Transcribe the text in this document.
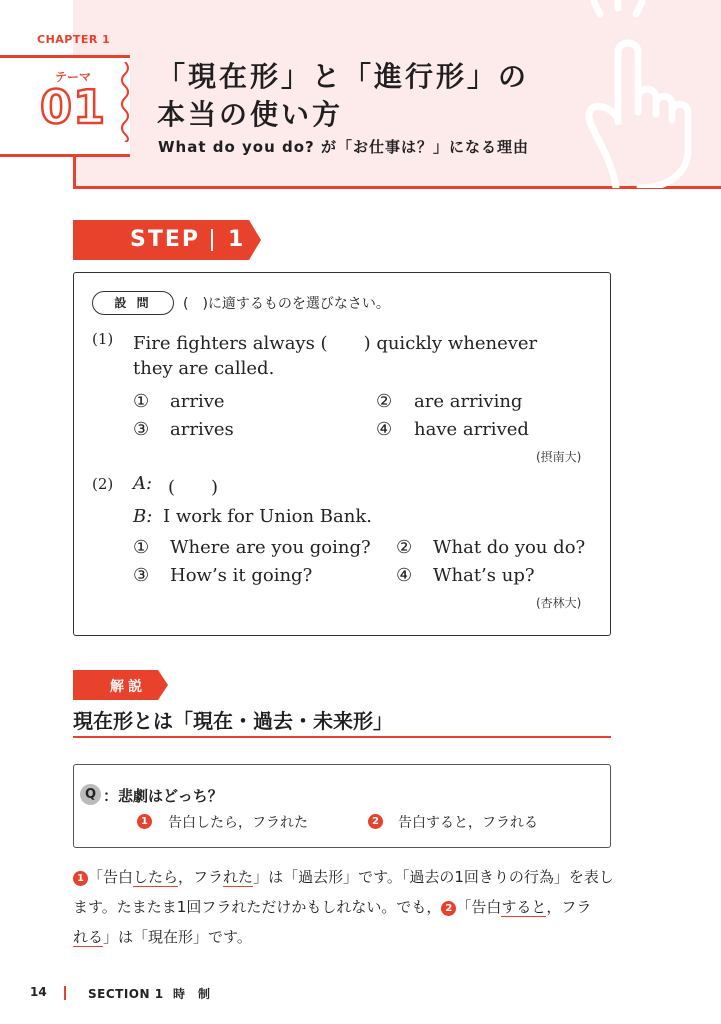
CHAPTER 1
テーマ
01
「現在形」と「進行形」の
本当の使い方
What do you do? が「お仕事は？」になる理由
STEP 1
設 問	(　)に適するものを選びなさい。
(1) Fire fighters always (　　) quickly whenever
they are called.
① arrive	② are arriving
③ arrives	④ have arrived
(摂南大)
(2) A: (　　)
B: I work for Union Bank.
① Where are you going? ② What do you do?
③ How’s it going?	④ What’s up?
(杏林大)
解説
現在形とは「現在・過去・未来形」
Q ：悲劇はどっち？
1 告白したら，フラれた	2 告白すると，フラれる
1 「告白したら，フラれた」は「過去形」です。「過去の1回きりの行為」を表し
ます。たまたま1回フラれただけかもしれない。でも， 2 「告白すると，フラ
れる」は「現在形」です。
14	SECTION 1 時　制
